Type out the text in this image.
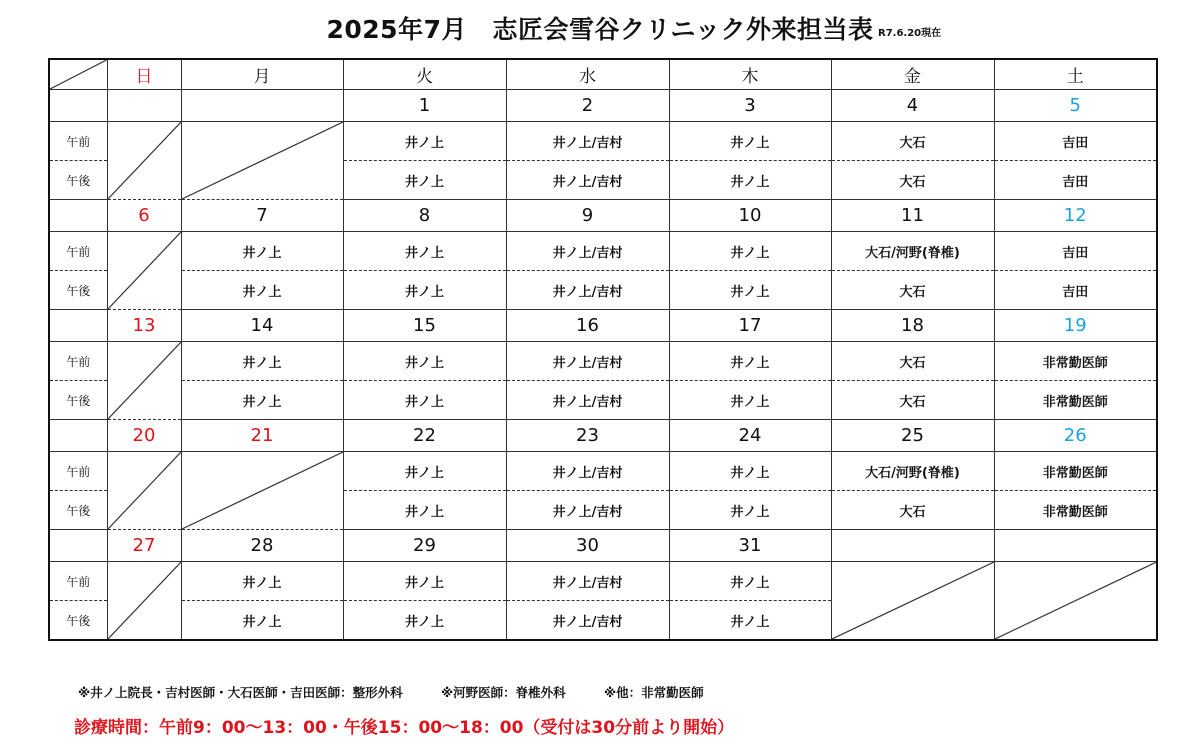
2025年7月　志匠会雪谷クリニック外来担当表 R7.6.20現在
	日	月	火	水	木	金	土
			1	2	3	4	5
午前			井ノ上	井ノ上/吉村	井ノ上	大石	吉田
午後			井ノ上	井ノ上/吉村	井ノ上	大石	吉田
	6	7	8	9	10	11	12
午前		井ノ上	井ノ上	井ノ上/吉村	井ノ上	大石/河野(脊椎)	吉田
午後		井ノ上	井ノ上	井ノ上/吉村	井ノ上	大石	吉田
	13	14	15	16	17	18	19
午前		井ノ上	井ノ上	井ノ上/吉村	井ノ上	大石	非常勤医師
午後		井ノ上	井ノ上	井ノ上/吉村	井ノ上	大石	非常勤医師
	20	21	22	23	24	25	26
午前			井ノ上	井ノ上/吉村	井ノ上	大石/河野(脊椎)	非常勤医師
午後			井ノ上	井ノ上/吉村	井ノ上	大石	非常勤医師
	27	28	29	30	31		
午前		井ノ上	井ノ上	井ノ上/吉村	井ノ上	

午後		井ノ上	井ノ上	井ノ上/吉村	井ノ上		
※井ノ上院長・吉村医師・大石医師・吉田医師：整形外科	※河野医師：脊椎外科	※他：非常勤医師
診療時間：午前9：00～13：00・午後15：00～18：00（受付は30分前より開始）
